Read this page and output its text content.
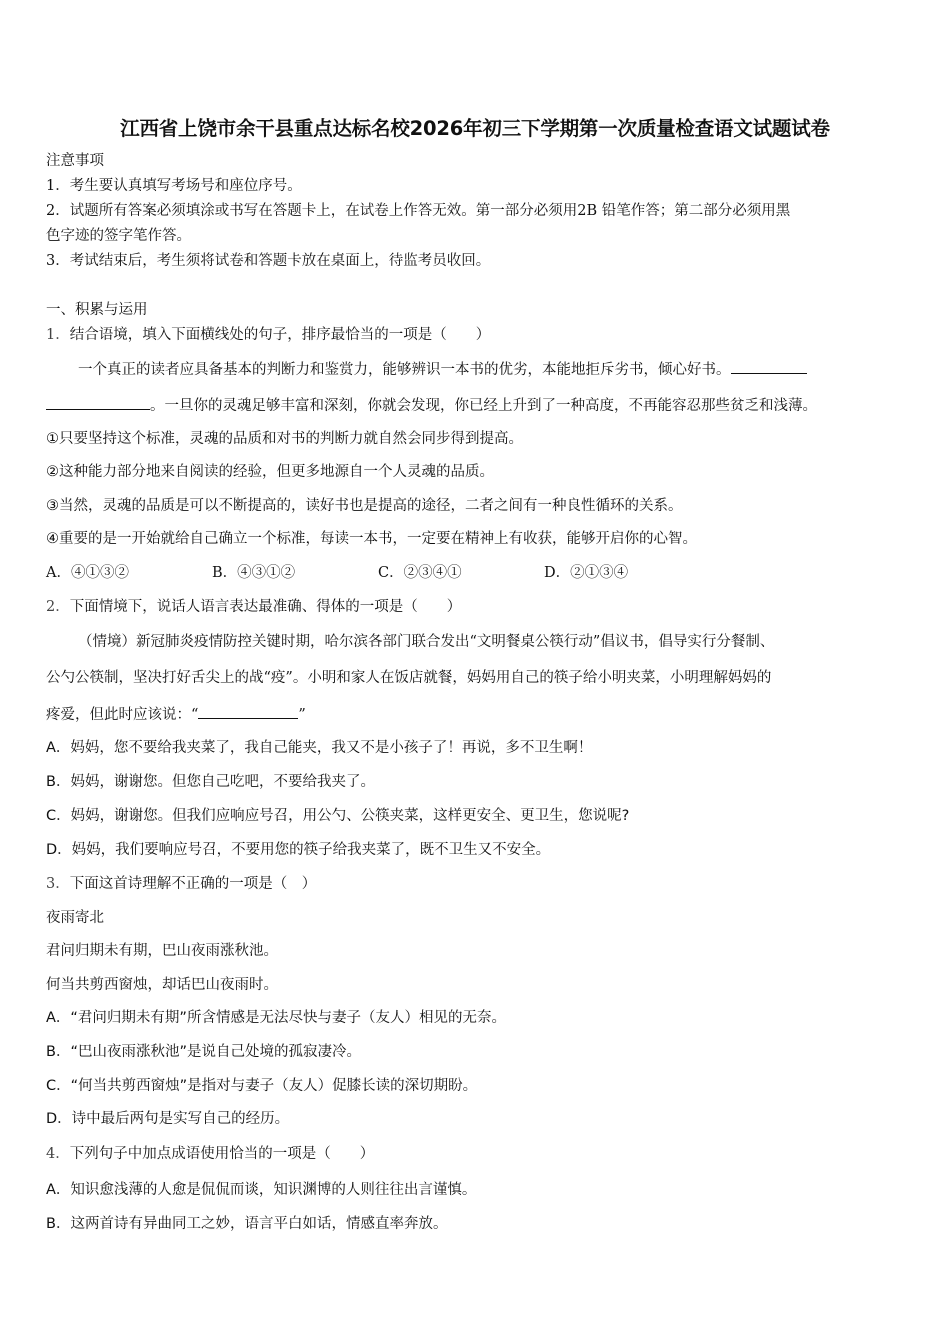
江西省上饶市余干县重点达标名校2026年初三下学期第一次质量检查语文试题试卷
注意事项
1．考生要认真填写考场号和座位序号。
2．试题所有答案必须填涂或书写在答题卡上，在试卷上作答无效。第一部分必须用2B 铅笔作答；第二部分必须用黑
色字迹的签字笔作答。
3．考试结束后，考生须将试卷和答题卡放在桌面上，待监考员收回。
一、积累与运用
1．结合语境，填入下面横线处的句子，排序最恰当的一项是（　　）
一个真正的读者应具备基本的判断力和鉴赏力，能够辨识一本书的优劣，本能地拒斥劣书，倾心好书。
。一旦你的灵魂足够丰富和深刻，你就会发现，你已经上升到了一种高度，不再能容忍那些贫乏和浅薄。
①只要坚持这个标准，灵魂的品质和对书的判断力就自然会同步得到提高。
②这种能力部分地来自阅读的经验，但更多地源自一个人灵魂的品质。
③当然，灵魂的品质是可以不断提高的，读好书也是提高的途径，二者之间有一种良性循环的关系。
④重要的是一开始就给自己确立一个标准，每读一本书，一定要在精神上有收获，能够开启你的心智。
A．④①③②	B．④③①②	C．②③④①	D．②①③④
2．下面情境下，说话人语言表达最准确、得体的一项是（　　）
（情境）新冠肺炎疫情防控关键时期，哈尔滨各部门联合发出“文明餐桌公筷行动”倡议书，倡导实行分餐制、
公勺公筷制，坚决打好舌尖上的战“疫”。小明和家人在饭店就餐，妈妈用自己的筷子给小明夹菜，小明理解妈妈的
疼爱，但此时应该说：“	”
A．妈妈，您不要给我夹菜了，我自己能夹，我又不是小孩子了！再说，多不卫生啊！
B．妈妈，谢谢您。但您自己吃吧，不要给我夹了。
C．妈妈，谢谢您。但我们应响应号召，用公勺、公筷夹菜，这样更安全、更卫生，您说呢?
D．妈妈，我们要响应号召，不要用您的筷子给我夹菜了，既不卫生又不安全。
3．下面这首诗理解不正确的一项是（　）
夜雨寄北
君问归期未有期，巴山夜雨涨秋池。
何当共剪西窗烛，却话巴山夜雨时。
A．“君问归期未有期”所含情感是无法尽快与妻子（友人）相见的无奈。
B．“巴山夜雨涨秋池”是说自己处境的孤寂凄冷。
C．“何当共剪西窗烛”是指对与妻子（友人）促膝长读的深切期盼。
D．诗中最后两句是实写自己的经历。
4．下列句子中加点成语使用恰当的一项是（　　）
A．知识愈浅薄的人愈是侃侃而谈，知识渊博的人则往往出言谨慎。
B．这两首诗有异曲同工之妙，语言平白如话，情感直率奔放。
